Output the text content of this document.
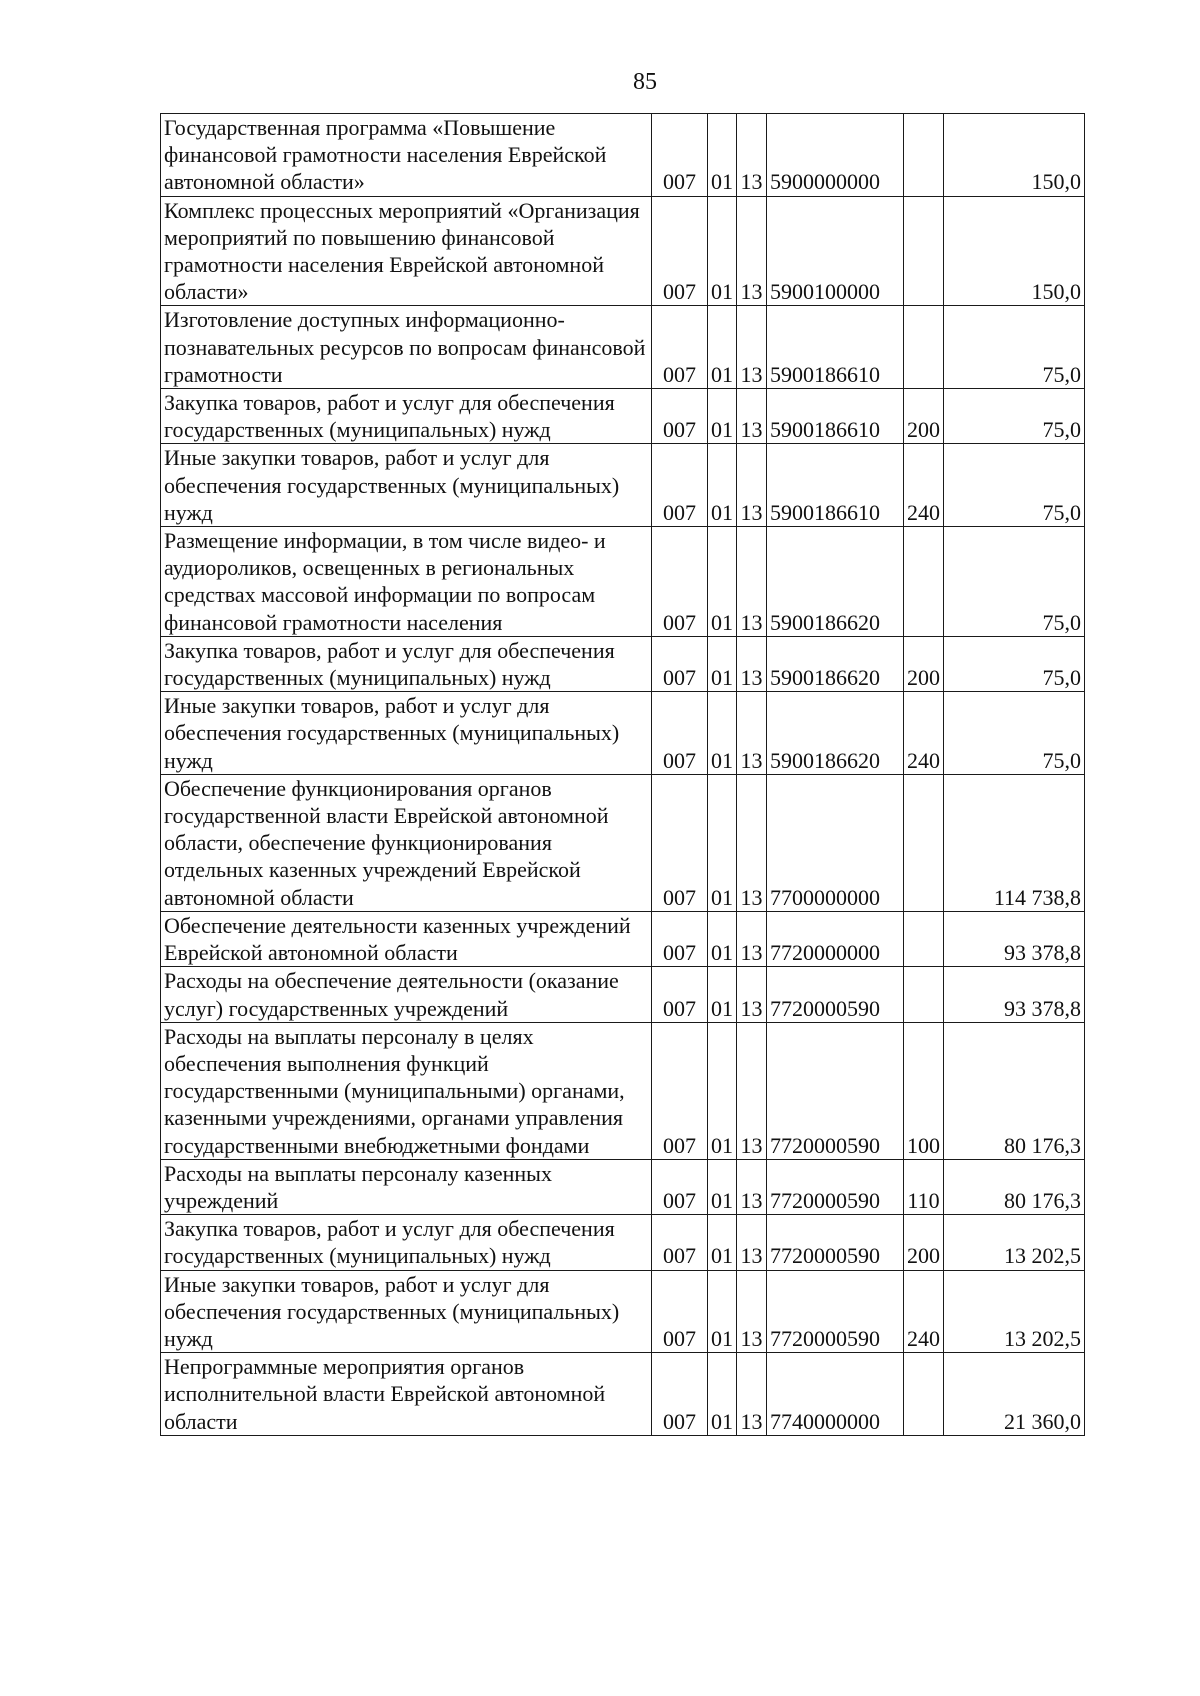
85
Государственная программа «Повышение финансовой грамотности населения Еврейской автономной области»	007	01	13	5900000000		150,0
Комплекс процессных мероприятий «Организация мероприятий по повышению финансовой грамотности населения Еврейской автономной области»	007	01	13	5900100000		150,0
Изготовление доступных информационно-познавательных ресурсов по вопросам финансовой грамотности	007	01	13	5900186610		75,0
Закупка товаров, работ и услуг для обеспечения государственных (муниципальных) нужд	007	01	13	5900186610	200	75,0
Иные закупки товаров, работ и услуг для обеспечения государственных (муниципальных) нужд	007	01	13	5900186610	240	75,0
Размещение информации, в том числе видео- и аудиороликов, освещенных в региональных средствах массовой информации по вопросам финансовой грамотности населения	007	01	13	5900186620		75,0
Закупка товаров, работ и услуг для обеспечения государственных (муниципальных) нужд	007	01	13	5900186620	200	75,0
Иные закупки товаров, работ и услуг для обеспечения государственных (муниципальных) нужд	007	01	13	5900186620	240	75,0
Обеспечение функционирования органов государственной власти Еврейской автономной области, обеспечение функционирования отдельных казенных учреждений Еврейской автономной области	007	01	13	7700000000		114 738,8
Обеспечение деятельности казенных учреждений Еврейской автономной области	007	01	13	7720000000		93 378,8
Расходы на обеспечение деятельности (оказание услуг) государственных учреждений	007	01	13	7720000590		93 378,8
Расходы на выплаты персоналу в целях обеспечения выполнения функций государственными (муниципальными) органами, казенными учреждениями, органами управления государственными внебюджетными фондами	007	01	13	7720000590	100	80 176,3
Расходы на выплаты персоналу казенных учреждений	007	01	13	7720000590	110	80 176,3
Закупка товаров, работ и услуг для обеспечения государственных (муниципальных) нужд	007	01	13	7720000590	200	13 202,5
Иные закупки товаров, работ и услуг для обеспечения государственных (муниципальных) нужд	007	01	13	7720000590	240	13 202,5
Непрограммные мероприятия органов исполнительной власти Еврейской автономной области	007	01	13	7740000000		21 360,0
